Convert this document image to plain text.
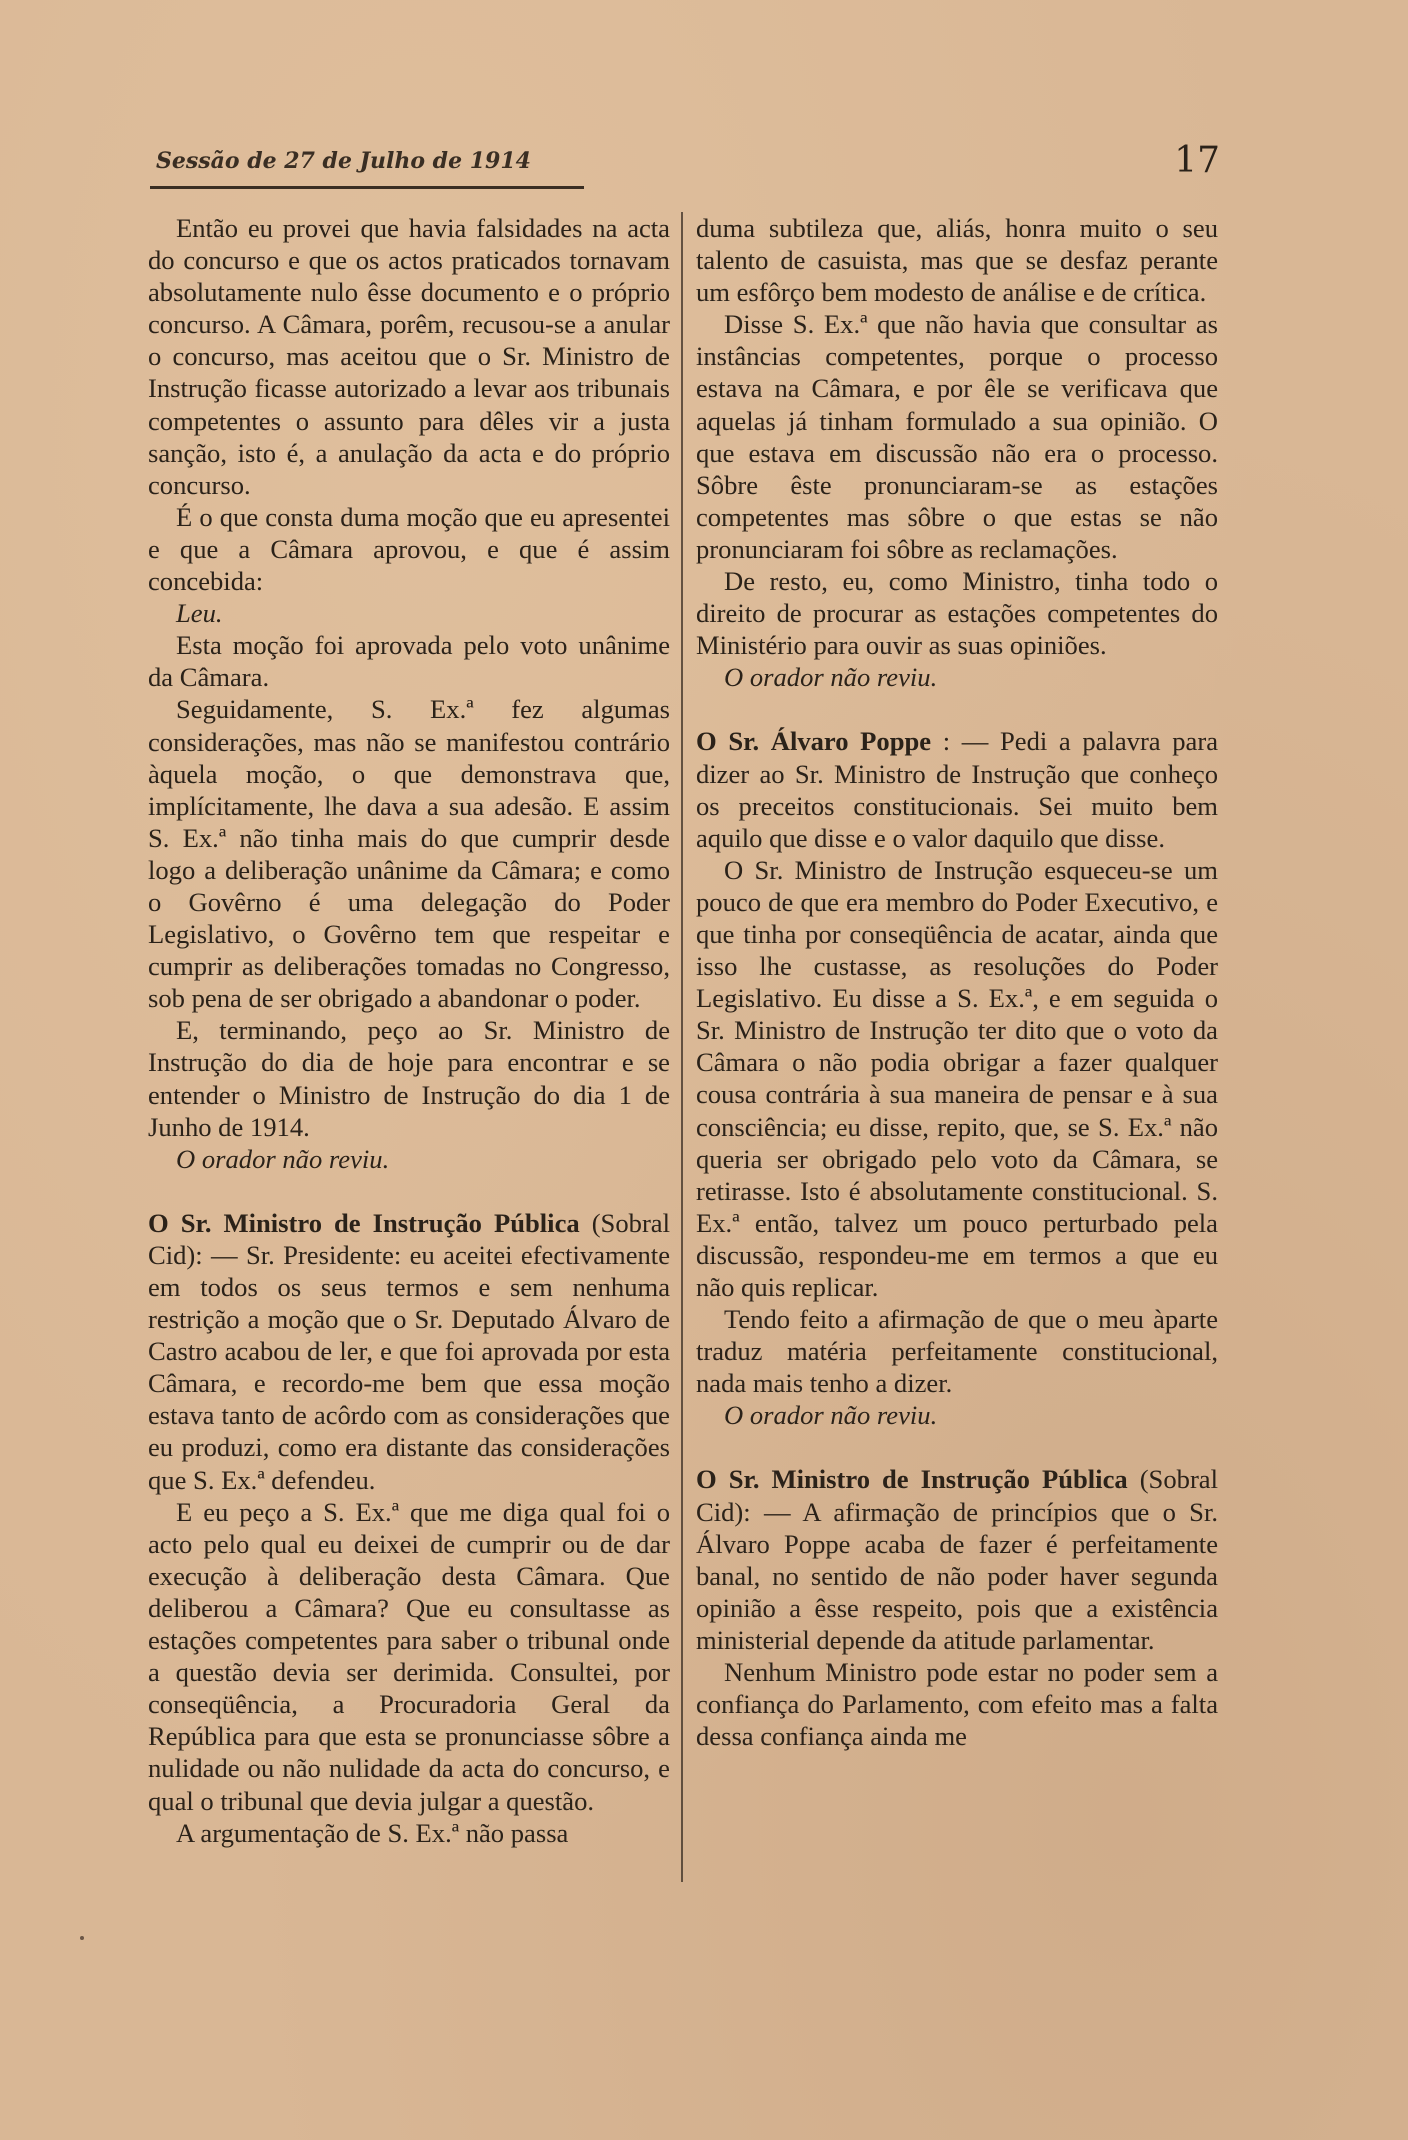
Sessão de 27 de Julho de 1914	17

Então eu provei que havia falsidades na acta do concurso e que os actos praticados tornavam absolutamente nulo êsse documento e o próprio concurso. A Câmara, porêm, recusou-se a anular o concurso, mas aceitou que o Sr. Ministro de Instrução ficasse autorizado a levar aos tribunais competentes o assunto para dêles vir a justa sanção, isto é, a anulação da acta e do próprio concurso.

É o que consta duma moção que eu apresentei e que a Câmara aprovou, e que é assim concebida:

Leu.

Esta moção foi aprovada pelo voto unânime da Câmara.

Seguidamente, S. Ex.ª fez algumas considerações, mas não se manifestou contrário àquela moção, o que demonstrava que, implícitamente, lhe dava a sua adesão. E assim S. Ex.ª não tinha mais do que cumprir desde logo a deliberação unânime da Câmara; e como o Govêrno é uma delegação do Poder Legislativo, o Govêrno tem que respeitar e cumprir as deliberações tomadas no Congresso, sob pena de ser obrigado a abandonar o poder.

E, terminando, peço ao Sr. Ministro de Instrução do dia de hoje para encontrar e se entender o Ministro de Instrução do dia 1 de Junho de 1914.

O orador não reviu.

O Sr. Ministro de Instrução Pública (Sobral Cid): — Sr. Presidente: eu aceitei efectivamente em todos os seus termos e sem nenhuma restrição a moção que o Sr. Deputado Álvaro de Castro acabou de ler, e que foi aprovada por esta Câmara, e recordo-me bem que essa moção estava tanto de acôrdo com as considerações que eu produzi, como era distante das considerações que S. Ex.ª defendeu.

E eu peço a S. Ex.ª que me diga qual foi o acto pelo qual eu deixei de cumprir ou de dar execução à deliberação desta Câmara. Que deliberou a Câmara? Que eu consultasse as estações competentes para saber o tribunal onde a questão devia ser derimida. Consultei, por conseqüência, a Procuradoria Geral da República para que esta se pronunciasse sôbre a nulidade ou não nulidade da acta do concurso, e qual o tribunal que devia julgar a questão.

A argumentação de S. Ex.ª não passa

duma subtileza que, aliás, honra muito o seu talento de casuista, mas que se desfaz perante um esfôrço bem modesto de análise e de crítica.

Disse S. Ex.ª que não havia que consultar as instâncias competentes, porque o processo estava na Câmara, e por êle se verificava que aquelas já tinham formulado a sua opinião. O que estava em discussão não era o processo. Sôbre êste pronunciaram-se as estações competentes mas sôbre o que estas se não pronunciaram foi sôbre as reclamações.

De resto, eu, como Ministro, tinha todo o direito de procurar as estações competentes do Ministério para ouvir as suas opiniões.

O orador não reviu.

O Sr. Álvaro Poppe : — Pedi a palavra para dizer ao Sr. Ministro de Instrução que conheço os preceitos constitucionais. Sei muito bem aquilo que disse e o valor daquilo que disse.

O Sr. Ministro de Instrução esqueceu-se um pouco de que era membro do Poder Executivo, e que tinha por conseqüência de acatar, ainda que isso lhe custasse, as resoluções do Poder Legislativo. Eu disse a S. Ex.ª, e em seguida o Sr. Ministro de Instrução ter dito que o voto da Câmara o não podia obrigar a fazer qualquer cousa contrária à sua maneira de pensar e à sua consciência; eu disse, repito, que, se S. Ex.ª não queria ser obrigado pelo voto da Câmara, se retirasse. Isto é absolutamente constitucional. S. Ex.ª então, talvez um pouco perturbado pela discussão, respondeu-me em termos a que eu não quis replicar.

Tendo feito a afirmação de que o meu àparte traduz matéria perfeitamente constitucional, nada mais tenho a dizer.

O orador não reviu.

O Sr. Ministro de Instrução Pública (Sobral Cid): — A afirmação de princípios que o Sr. Álvaro Poppe acaba de fazer é perfeitamente banal, no sentido de não poder haver segunda opinião a êsse respeito, pois que a existência ministerial depende da atitude parlamentar.

Nenhum Ministro pode estar no poder sem a confiança do Parlamento, com efeito mas a falta dessa confiança ainda me
